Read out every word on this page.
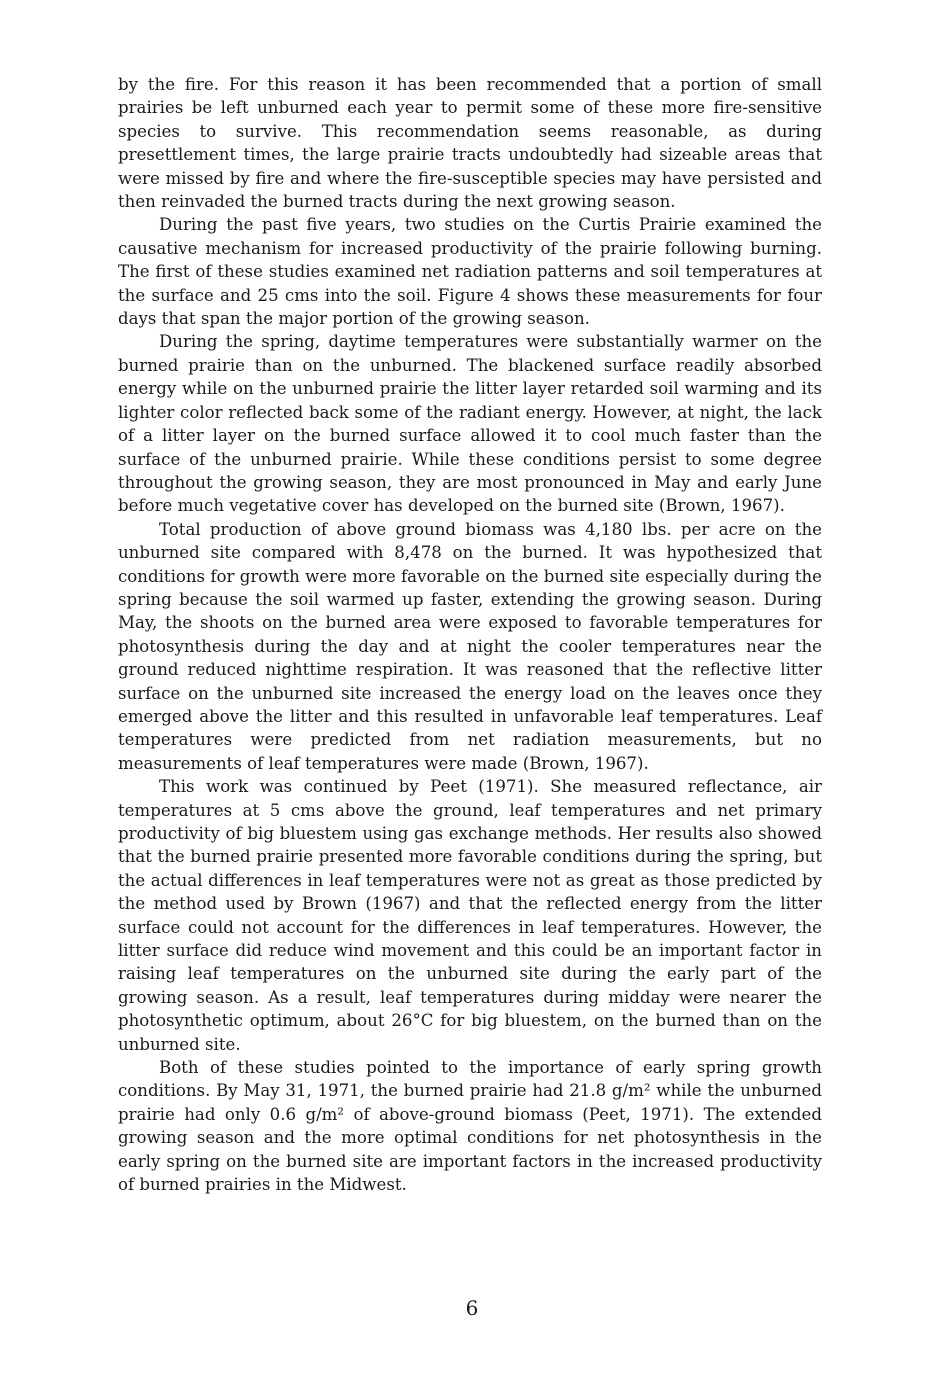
by the fire. For this reason it has been recommended that a portion of small prairies be left unburned each year to permit some of these more fire-sensitive species to survive. This recommendation seems reasonable, as during presettlement times, the large prairie tracts undoubtedly had sizeable areas that were missed by fire and where the fire-susceptible species may have persisted and then reinvaded the burned tracts during the next growing season.

During the past five years, two studies on the Curtis Prairie examined the causative mechanism for increased productivity of the prairie following burning. The first of these studies examined net radiation patterns and soil temperatures at the surface and 25 cms into the soil. Figure 4 shows these measurements for four days that span the major portion of the growing season.

During the spring, daytime temperatures were substantially warmer on the burned prairie than on the unburned. The blackened surface readily absorbed energy while on the unburned prairie the litter layer retarded soil warming and its lighter color reflected back some of the radiant energy. However, at night, the lack of a litter layer on the burned surface allowed it to cool much faster than the surface of the unburned prairie. While these conditions persist to some degree throughout the growing season, they are most pronounced in May and early June before much vegetative cover has developed on the burned site (Brown, 1967).

Total production of above ground biomass was 4,180 lbs. per acre on the unburned site compared with 8,478 on the burned. It was hypothesized that conditions for growth were more favorable on the burned site especially during the spring because the soil warmed up faster, extending the growing season. During May, the shoots on the burned area were exposed to favorable temperatures for photosynthesis during the day and at night the cooler temperatures near the ground reduced nighttime respiration. It was reasoned that the reflective litter surface on the unburned site increased the energy load on the leaves once they emerged above the litter and this resulted in unfavorable leaf temperatures. Leaf temperatures were predicted from net radiation measurements, but no measurements of leaf temperatures were made (Brown, 1967).

This work was continued by Peet (1971). She measured reflectance, air temperatures at 5 cms above the ground, leaf temperatures and net primary productivity of big bluestem using gas exchange methods. Her results also showed that the burned prairie presented more favorable conditions during the spring, but the actual differences in leaf temperatures were not as great as those predicted by the method used by Brown (1967) and that the reflected energy from the litter surface could not account for the differences in leaf temperatures. However, the litter surface did reduce wind movement and this could be an important factor in raising leaf temperatures on the unburned site during the early part of the growing season. As a result, leaf temperatures during midday were nearer the photosynthetic optimum, about 26°C for big bluestem, on the burned than on the unburned site.

Both of these studies pointed to the importance of early spring growth conditions. By May 31, 1971, the burned prairie had 21.8 g/m² while the unburned prairie had only 0.6 g/m² of above-ground biomass (Peet, 1971). The extended growing season and the more optimal conditions for net photosynthesis in the early spring on the burned site are important factors in the increased productivity of burned prairies in the Midwest.

6
